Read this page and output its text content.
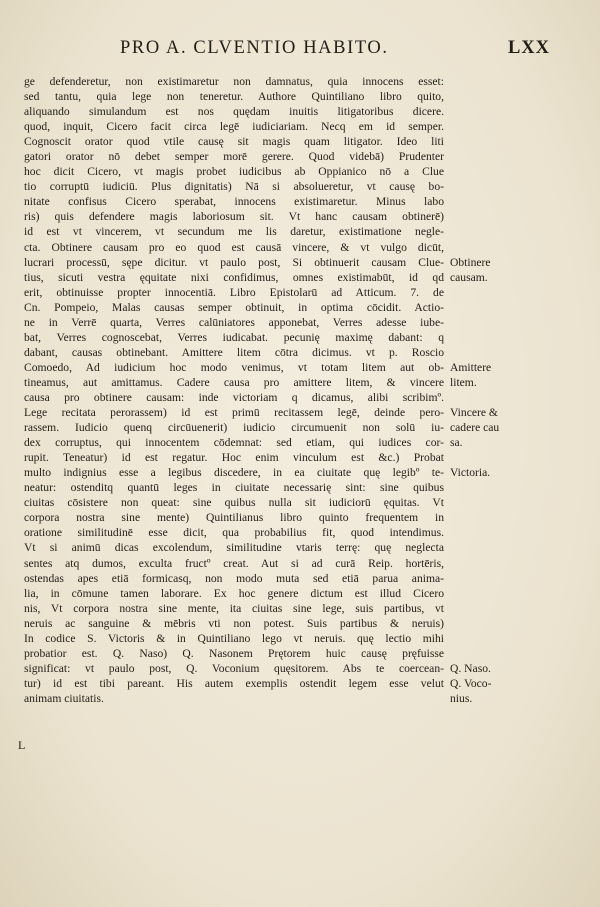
PRO A. CLVENTIO HABITO.	LXX
ge defenderetur, non existimaretur non damnatus, quia innocens esset:
sed tantu, quia lege non teneretur. Authore Quintiliano libro quito,
aliquando simulandum est nos quędam inuitis litigatoribus dicere.
quod, inquit, Cicero facit circa legē iudiciariam. Necq em id semper.
Cognoscit orator quod vtile causę sit magis quam litigator. Ideo liti
gatori orator nō debet semper morē gerere. Quod videbā) Prudenter
hoc dicit Cicero, vt magis probet iudicibus ab Oppianico nō a Clue
tio corruptū iudiciū. Plus dignitatis) Nā si absolueretur, vt causę bo-
nitate confisus Cicero sperabat, innocens existimaretur. Minus labo
ris) quis defendere magis laboriosum sit. Vt hanc causam obtinerē)
id est vt vincerem, vt secundum me lis daretur, existimatione negle-
cta. Obtinere causam pro eo quod est causā vincere, & vt vulgo dicūt,
lucrari processū, sępe dicitur. vt paulo post, Si obtinuerit causam Clue-
tius, sicuti vestra ęquitate nixi confidimus, omnes existimabūt, id qd
erit, obtinuisse propter innocentiā. Libro Epistolarū ad Atticum. 7. de
Cn. Pompeio, Malas causas semper obtinuit, in optima cōcidit. Actio-
ne in Verrē quarta, Verres calūniatores apponebat, Verres adesse iube-
bat, Verres cognoscebat, Verres iudicabat. pecunię maximę dabant: q
dabant, causas obtinebant. Amittere litem cōtra dicimus. vt p. Roscio
Comoedo, Ad iudicium hoc modo venimus, vt totam litem aut ob-
tineamus, aut amittamus. Cadere causa pro amittere litem, & vincere
causa pro obtinere causam: inde victoriam q dicamus, alibi scribimº.
Lege recitata perorassem) id est primū recitassem legē, deinde pero-
rassem. Iudicio quenq circūuenerit) iudicio circumuenit non solū iu-
dex corruptus, qui innocentem cōdemnat: sed etiam, qui iudices cor-
rupit. Teneatur) id est regatur. Hoc enim vinculum est &c.) Probat
multo indignius esse a legibus discedere, in ea ciuitate quę legibº te-
neatur: ostenditq quantū leges in ciuitate necessarię sint: sine quibus
ciuitas cōsistere non queat: sine quibus nulla sit iudiciorū ęquitas. Vt
corpora nostra sine mente) Quintilianus libro quinto frequentem in
oratione similitudinē esse dicit, qua probabilius fit, quod intendimus.
Vt si animū dicas excolendum, similitudine vtaris terrę: quę neglecta
sentes atq dumos, exculta fructº creat. Aut si ad curā Reip. hortēris,
ostendas apes etiā formicasq, non modo muta sed etiā parua anima-
lia, in cōmune tamen laborare. Ex hoc genere dictum est illud Cicero
nis, Vt corpora nostra sine mente, ita ciuitas sine lege, suis partibus, vt
neruis ac sanguine & mēbris vti non potest. Suis partibus & neruis)
In codice S. Victoris & in Quintiliano lego vt neruis. quę lectio mihi
probatior est. Q. Naso) Q. Nasonem Prętorem huic causę pręfuisse
significat: vt paulo post, Q. Voconium quęsitorem. Abs te coercean-
tur) id est tibi pareant. His autem exemplis ostendit legem esse velut
animam ciuitatis.
Obtinere
causam.
Amittere
litem.
Vincere &
cadere cau
sa.
Victoria.
Q. Naso.
Q. Voco-
nius.
L
